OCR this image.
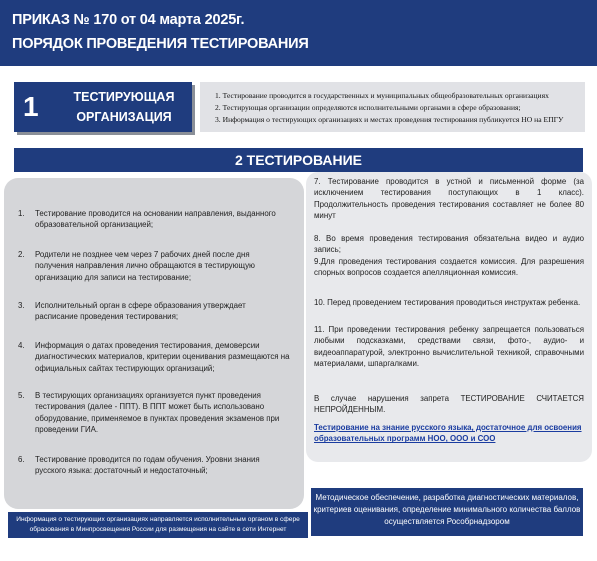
ПРИКАЗ № 170 от 04 марта 2025г.
ПОРЯДОК ПРОВЕДЕНИЯ ТЕСТИРОВАНИЯ
1	ТЕСТИРУЮЩАЯ
ОРГАНИЗАЦИЯ
1. Тестирование проводится в государственных и муниципальных общеобразовательных организациях
2. Тестирующая организации определяются исполнительными органами в сфере образования;
3. Информация о тестирующих организациях и местах проведения тестирования публикуется НО на ЕПГУ
2 ТЕСТИРОВАНИЕ
1. Тестирование проводится на основании направления, выданного образовательной организацией;
2. Родители не позднее чем через 7 рабочих дней после дня получения направления лично обращаются в тестирующую организацию для записи на тестирование;
3. Исполнительный орган в сфере образования утверждает расписание проведения тестирования;
4. Информация о датах проведения тестирования, демоверсии диагностических материалов, критерии оценивания размещаются на официальных сайтах тестирующих организаций;
5. В тестирующих организациях организуется пункт проведения тестирования (далее - ППТ). В ППТ может быть использовано оборудование, применяемое в пунктах проведения экзаменов при проведении ГИА.
6. Тестирование проводится по годам обучения. Уровни знания русского языка: достаточный и недостаточный;
7. Тестирование проводится в устной и письменной форме (за исключением тестирования поступающих в 1 класс). Продолжительность проведения тестирования составляет не более 80 минут
8. Во время проведения тестирования обязательна видео и аудио запись;
9.Для проведения тестирования создается комиссия. Для разрешения спорных вопросов создается апелляционная комиссия.
10. Перед проведением тестирования проводиться инструктаж ребенка.
11. При проведении тестирования ребенку запрещается пользоваться любыми подсказками, средствами связи, фото-, аудио- и видеоаппаратурой, электронно вычислительной техникой, справочными материалами, шпаргалками.
В случае нарушения запрета ТЕСТИРОВАНИЕ СЧИТАЕТСЯ НЕПРОЙДЕННЫМ.
Тестирование на знание русского языка, достаточное для освоения образовательных программ НОО, ООО и СОО
Информация о тестирующих организациях направляется исполнительным органом в сфере образования в Минпросвещения России для размещения на сайте в сети Интернет
Методическое обеспечение, разработка диагностических материалов, критериев оценивания, определение минимального количества баллов осуществляется Рособрнадзором
